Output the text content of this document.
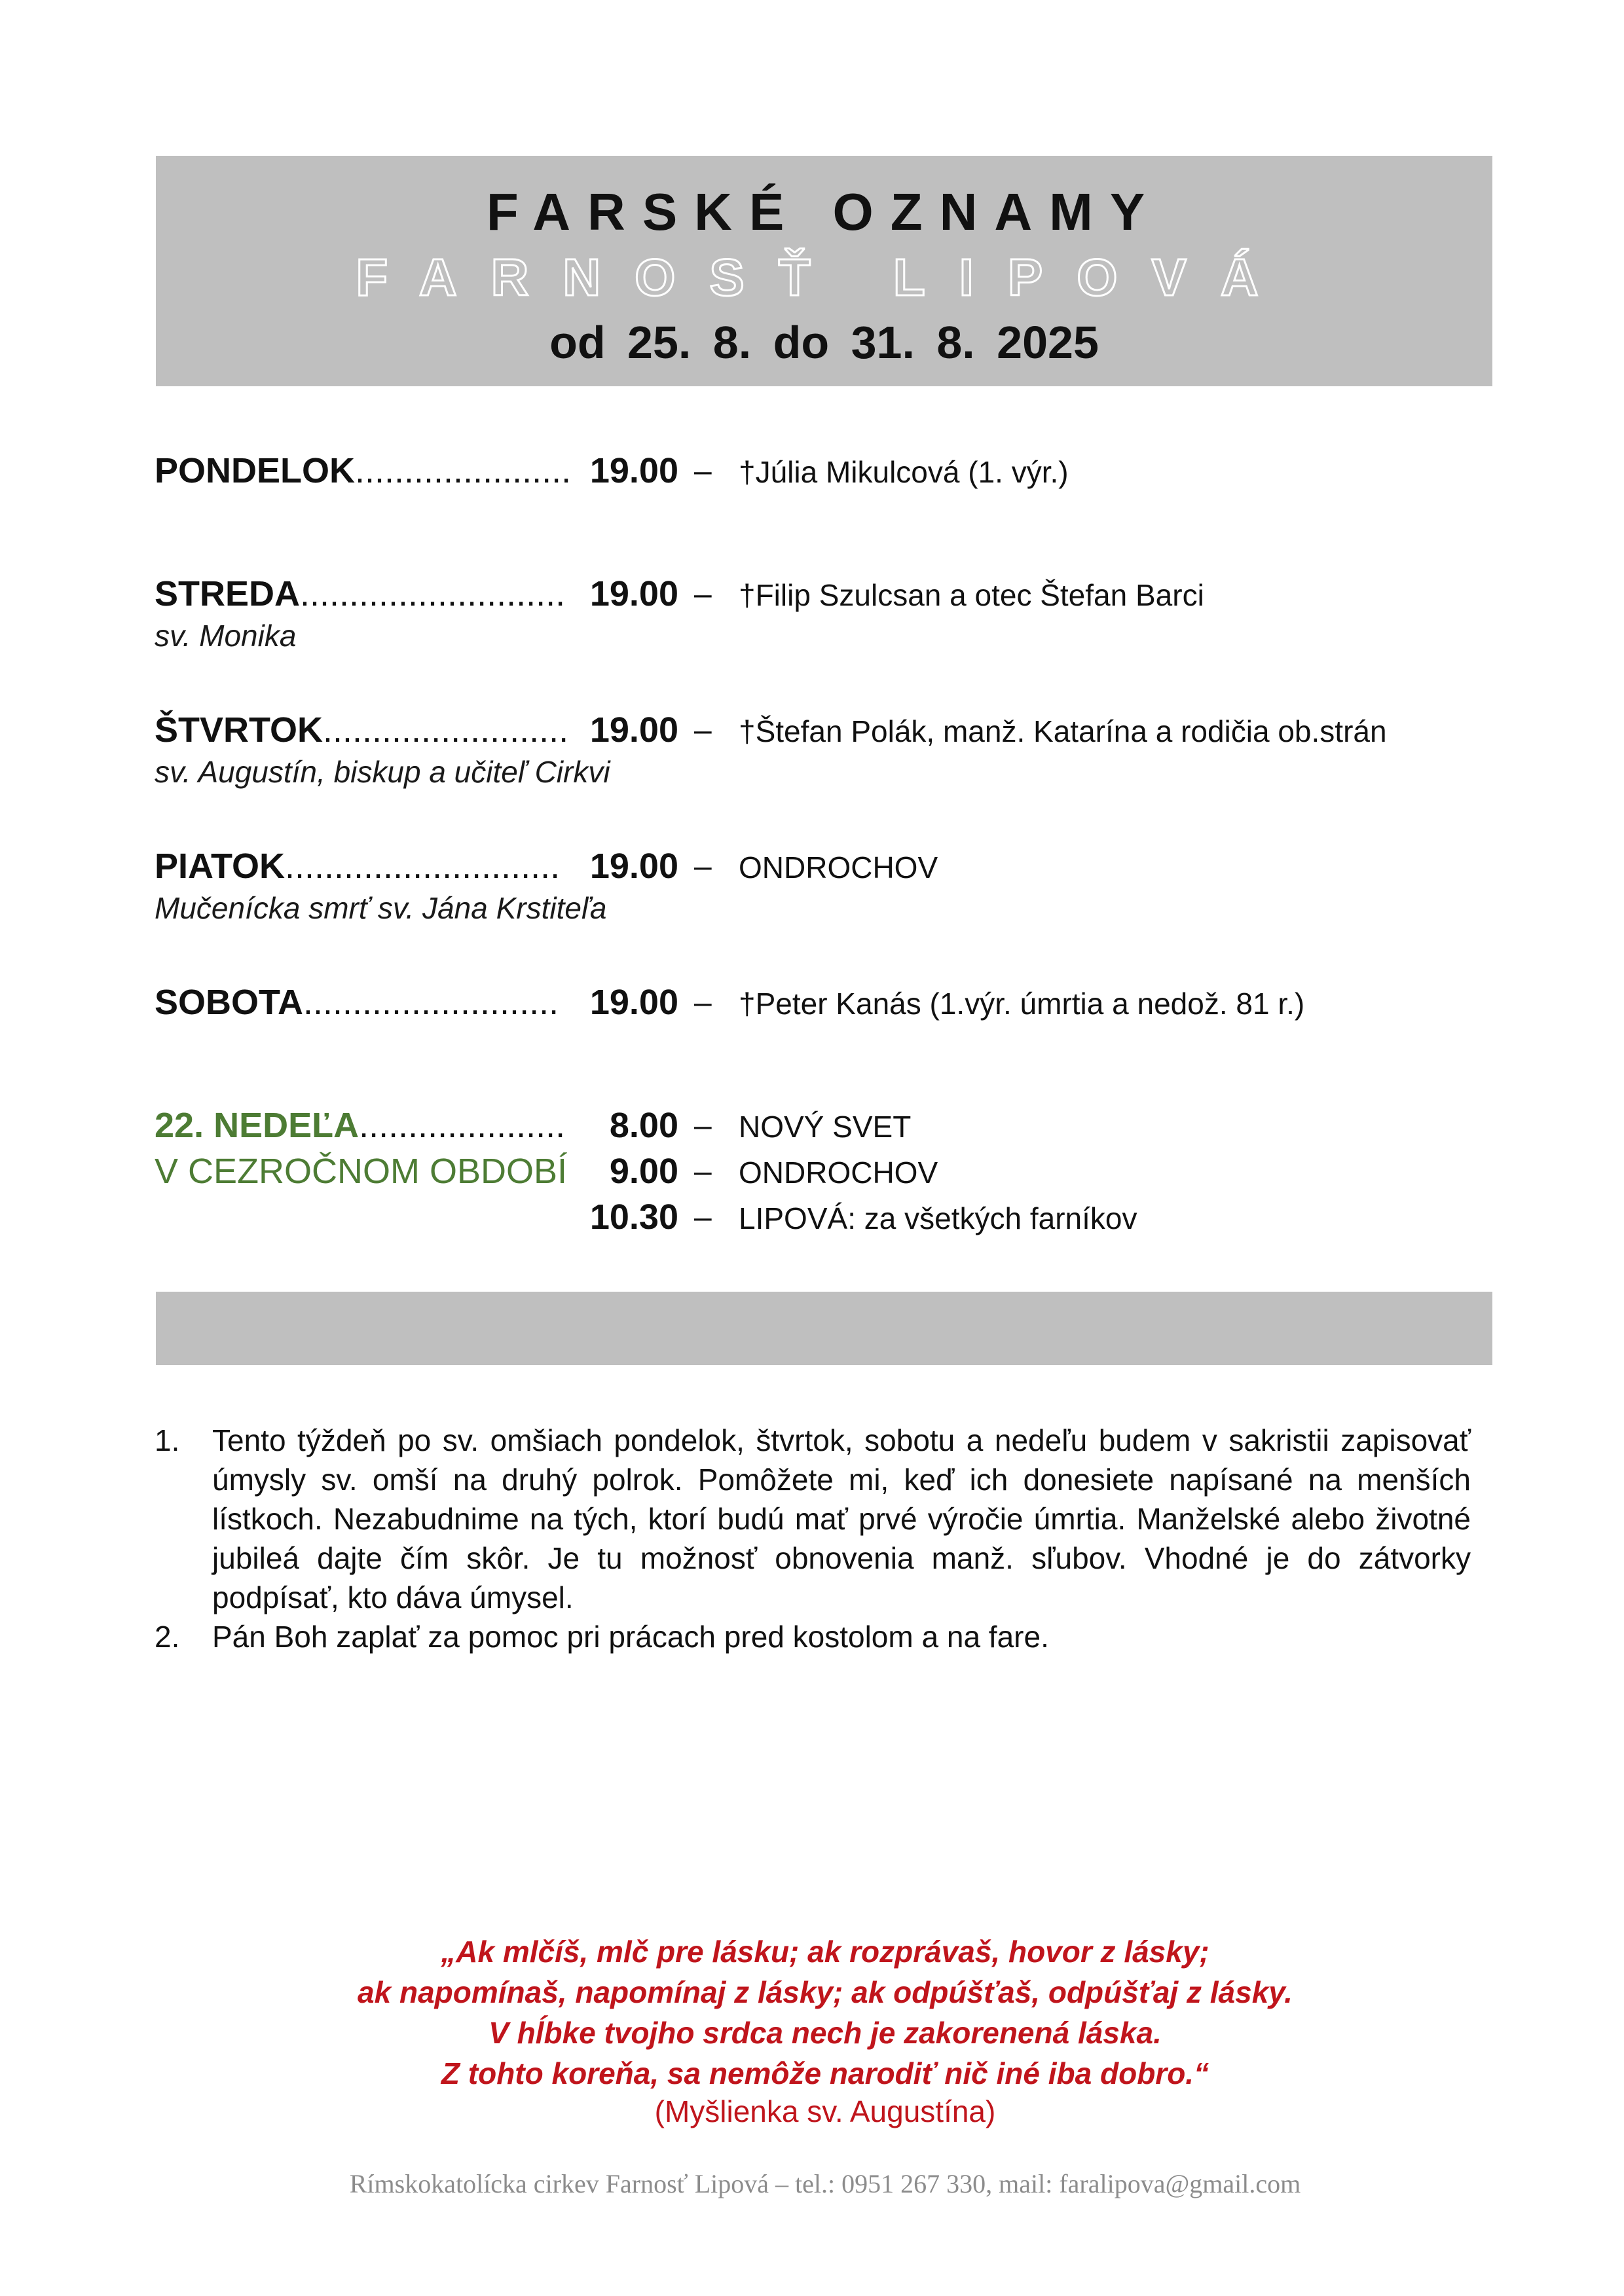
FARSKÉ OZNAMY
FARNOSŤ LIPOVÁ
od 25. 8. do 31. 8. 2025
PONDELOK...................... 19.00 – †Júlia Mikulcová (1. výr.)
STREDA........................... 19.00 – †Filip Szulcsan a otec Štefan Barci
sv. Monika
ŠTVRTOK......................... 19.00 – †Štefan Polák, manž. Katarína a rodičia ob.strán
sv. Augustín, biskup a učiteľ Cirkvi
PIATOK............................ 19.00 – ONDROCHOV
Mučenícka smrť sv. Jána Krstiteľa
SOBOTA.......................... 19.00 – †Peter Kanás (1.výr. úmrtia a nedož. 81 r.)
22. NEDEĽA.....................
V CEZROČNOM OBDOBÍ
8.00 – NOVÝ SVET
9.00 – ONDROCHOV
10.30 – LIPOVÁ: za všetkých farníkov

1. Tento týždeň po sv. omšiach pondelok, štvrtok, sobotu a nedeľu budem v sakristii zapisovať úmysly sv. omší na druhý polrok. Pomôžete mi, keď ich donesiete napísané na menších lístkoch. Nezabudnime na tých, ktorí budú mať prvé výročie úmrtia. Manželské alebo životné jubileá dajte čím skôr. Je tu možnosť obnovenia manž. sľubov. Vhodné je do zátvorky podpísať, kto dáva úmysel.

2. Pán Boh zaplať za pomoc pri prácach pred kostolom a na fare.

„Ak mlčíš, mlč pre lásku; ak rozprávaš, hovor z lásky;
ak napomínaš, napomínaj z lásky; ak odpúšťaš, odpúšťaj z lásky.
V hĺbke tvojho srdca nech je zakorenená láska.
Z tohto koreňa, sa nemôže narodiť nič iné iba dobro.“
(Myšlienka sv. Augustína)
Rímskokatolícka cirkev Farnosť Lipová – tel.: 0951 267 330, mail: faralipova@gmail.com
